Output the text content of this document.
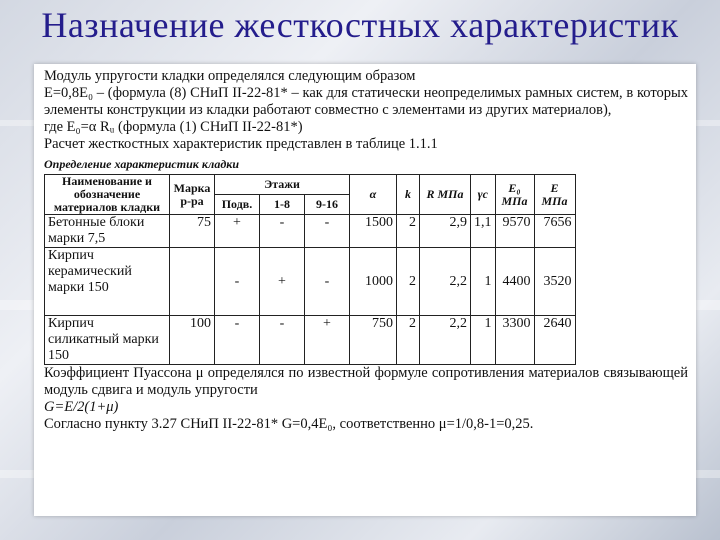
Назначение жесткостных характеристик

Модуль упругости кладки определялся следующим образом

E=0,8E₀ – (формула (8) СНиП II-22-81* – как для статически неопределимых рамных систем, в которых элементы конструкции из кладки работают совместно с элементами из других материалов),

где E₀=α Rᵤ (формула (1) СНиП II-22-81*)

Расчет жесткостных характеристик представлен в таблице 1.1.1

Определение характеристик кладки

Наименование и обозначение материалов кладки	Марка р-ра	Этажи			α	k	R МПа	γc	E₀ МПа	E МПа
		Подв.	1-8	9-16						
Бетонные блоки марки 7,5	75	+	-	-	1500	2	2,9	1,1	9570	7656
Кирпич керамический марки 150		-	+	-	1000	2	2,2	1	4400	3520
Кирпич силикатный марки 150	100	-	-	+	750	2	2,2	1	3300	2640

Коэффициент Пуассона μ определялся по известной формуле сопротивления материалов связывающей модуль сдвига и модуль упругости

G=E/2(1+μ)

Согласно пункту 3.27 СНиП II-22-81* G=0,4E₀, соответственно μ=1/0,8-1=0,25.
